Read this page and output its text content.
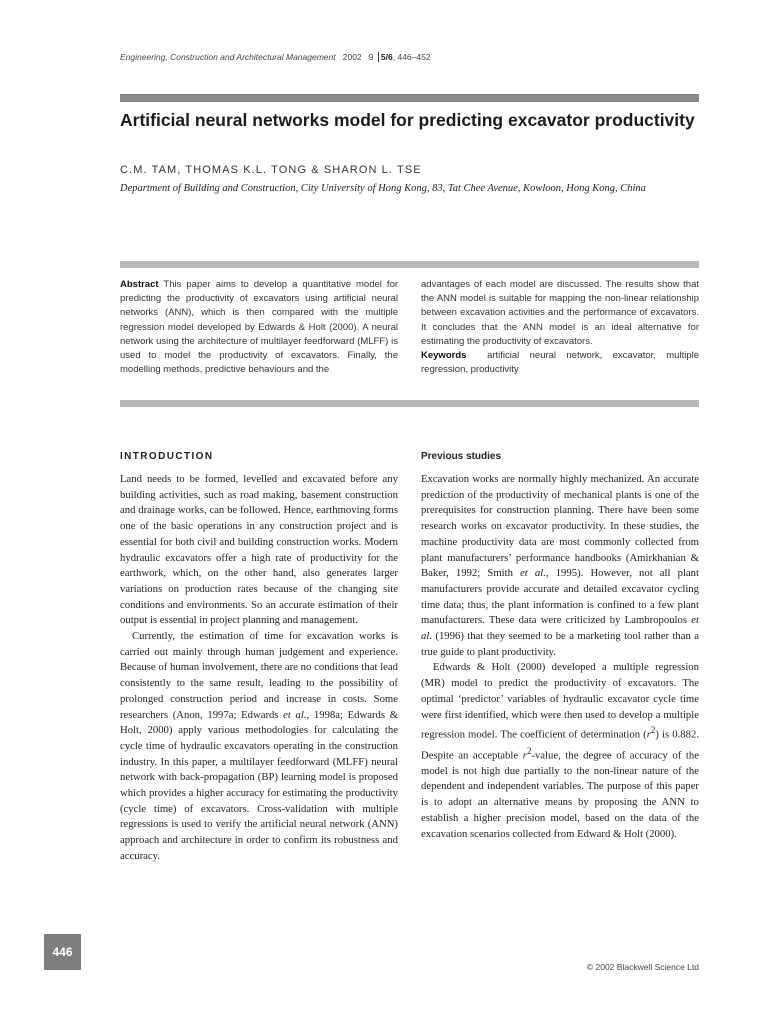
Engineering, Construction and Architectural Management 2002 9 5/6, 446–452
Artificial neural networks model for predicting excavator productivity
C.M. TAM, THOMAS K.L. TONG & SHARON L. TSE
Department of Building and Construction, City University of Hong Kong, 83, Tat Chee Avenue, Kowloon, Hong Kong, China
Abstract This paper aims to develop a quantitative model for predicting the productivity of excavators using artificial neural networks (ANN), which is then compared with the multiple regression model developed by Edwards & Holt (2000). A neural network using the architecture of multilayer feedforward (MLFF) is used to model the productivity of excavators. Finally, the modelling methods, predictive behaviours and the
advantages of each model are discussed. The results show that the ANN model is suitable for mapping the non-linear relationship between excavation activities and the performance of excavators. It concludes that the ANN model is an ideal alternative for estimating the productivity of excavators.
Keywords artificial neural network, excavator, multiple regression, productivity
INTRODUCTION	Previous studies

Land needs to be formed, levelled and excavated before any building activities, such as road making, basement construction and drainage works, can be followed. Hence, earthmoving forms one of the basic operations in any construction project and is essential for both civil and building construction works. Modern hydraulic excavators offer a high rate of productivity for the earthwork, which, on the other hand, also generates larger variations on production rates because of the changing site conditions and environments. So an accurate estimation of their output is essential in project planning and management.

Currently, the estimation of time for excavation works is carried out mainly through human judgement and experience. Because of human involvement, there are no conditions that lead consistently to the same result, leading to the possibility of prolonged construction period and increase in costs. Some researchers (Anon, 1997a; Edwards et al., 1998a; Edwards & Holt, 2000) apply various methodologies for calculating the cycle time of hydraulic excavators operating in the construction industry. In this paper, a multilayer feedforward (MLFF) neural network with back-propagation (BP) learning model is proposed which provides a higher accuracy for estimating the productivity (cycle time) of excavators. Cross-validation with multiple regressions is used to verify the artificial neural network (ANN) approach and architecture in order to confirm its robustness and accuracy.

Excavation works are normally highly mechanized. An accurate prediction of the productivity of mechanical plants is one of the prerequisites for construction planning. There have been some research works on excavator productivity. In these studies, the machine productivity data are most commonly collected from plant manufacturers’ performance handbooks (Amirkhanian & Baker, 1992; Smith et al., 1995). However, not all plant manufacturers provide accurate and detailed excavator cycling time data; thus, the plant information is confined to a few plant manufacturers. These data were criticized by Lambropoulos et al. (1996) that they seemed to be a marketing tool rather than a true guide to plant productivity.

Edwards & Holt (2000) developed a multiple regression (MR) model to predict the productivity of excavators. The optimal ‘predictor’ variables of hydraulic excavator cycle time were first identified, which were then used to develop a multiple regression model. The coefficient of determination $(r^2)$ is 0.882. Despite an acceptable $r^2$-value, the degree of accuracy of the model is not high due partially to the non-linear nature of the dependent and independent variables. The purpose of this paper is to adopt an alternative means by proposing the ANN to establish a higher precision model, based on the data of the excavation scenarios collected from Edward & Holt (2000).

446
© 2002 Blackwell Science Ltd
